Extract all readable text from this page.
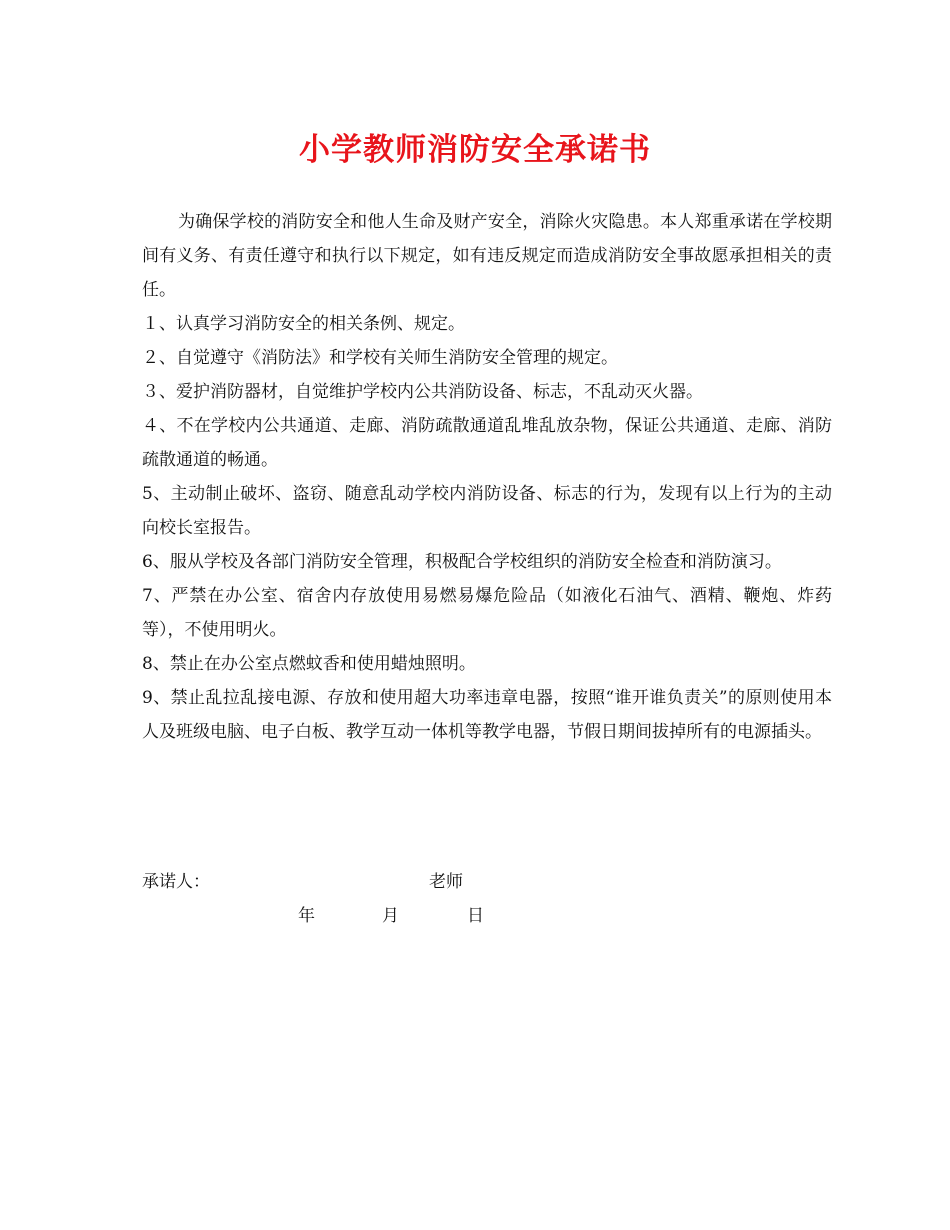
小学教师消防安全承诺书

为确保学校的消防安全和他人生命及财产安全，消除火灾隐患。本人郑重承诺在学校期间有义务、有责任遵守和执行以下规定，如有违反规定而造成消防安全事故愿承担相关的责任。

１、认真学习消防安全的相关条例、规定。

２、自觉遵守《消防法》和学校有关师生消防安全管理的规定。

３、爱护消防器材，自觉维护学校内公共消防设备、标志，不乱动灭火器。

４、不在学校内公共通道、走廊、消防疏散通道乱堆乱放杂物，保证公共通道、走廊、消防疏散通道的畅通。

5、主动制止破坏、盗窃、随意乱动学校内消防设备、标志的行为，发现有以上行为的主动向校长室报告。

6、服从学校及各部门消防安全管理，积极配合学校组织的消防安全检查和消防演习。

7、严禁在办公室、宿舍内存放使用易燃易爆危险品（如液化石油气、酒精、鞭炮、炸药等），不使用明火。

8、禁止在办公室点燃蚊香和使用蜡烛照明。

9、禁止乱拉乱接电源、存放和使用超大功率违章电器，按照“谁开谁负责关”的原则使用本人及班级电脑、电子白板、教学互动一体机等教学电器，节假日期间拔掉所有的电源插头。

承诺人：	老师
年	月	日
